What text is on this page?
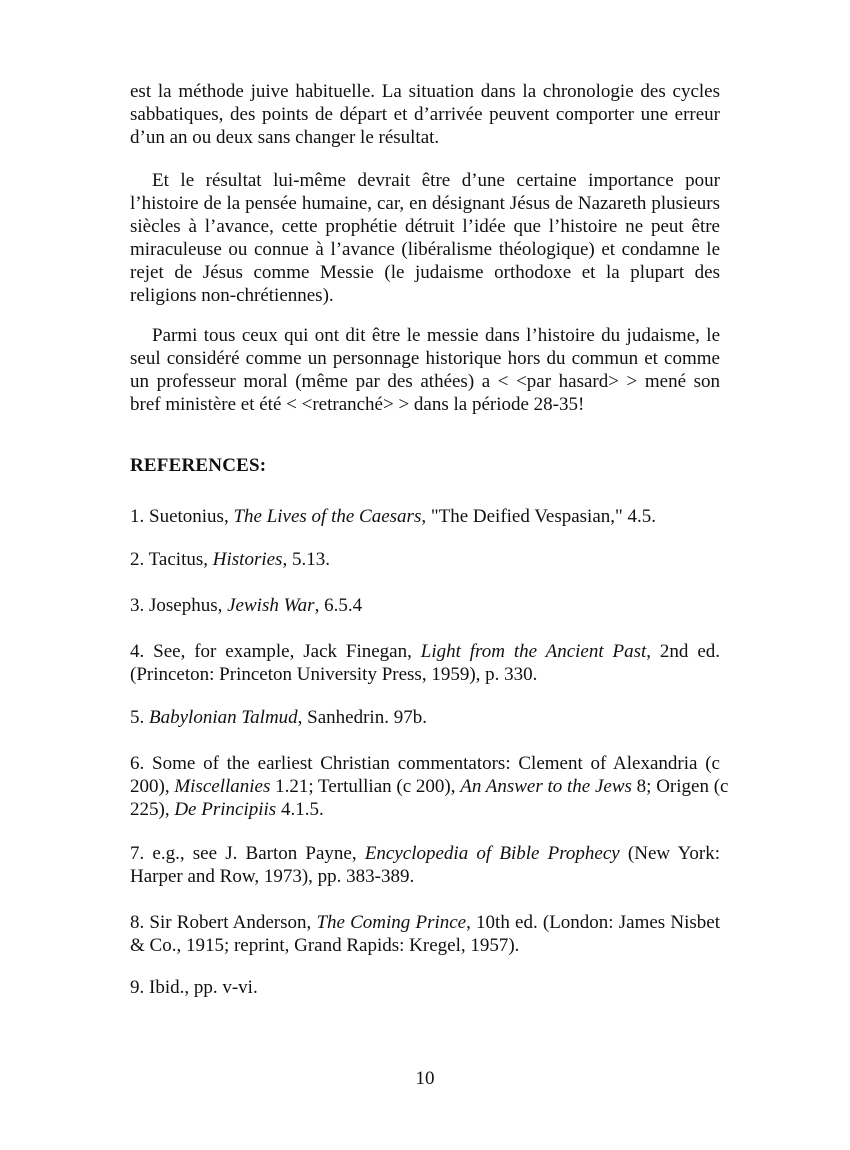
est la méthode juive habituelle. La situation dans la chronologie des cycles
sabbatiques, des points de départ et d’arrivée peuvent comporter une erreur
d’un an ou deux sans changer le résultat.

Et le résultat lui-même devrait être d’une certaine importance pour
l’histoire de la pensée humaine, car, en désignant Jésus de Nazareth plusieurs
siècles à l’avance, cette prophétie détruit l’idée que l’histoire ne peut être
miraculeuse ou connue à l’avance (libéralisme théologique) et condamne le
rejet de Jésus comme Messie (le judaisme orthodoxe et la plupart des
religions non-chrétiennes).

Parmi tous ceux qui ont dit être le messie dans l’histoire du judaisme, le
seul considéré comme un personnage historique hors du commun et comme
un professeur moral (même par des athées) a < <par hasard> > mené son
bref ministère et été < <retranché> > dans la période 28-35!

REFERENCES:

1. Suetonius, The Lives of the Caesars, "The Deified Vespasian," 4.5.

2. Tacitus, Histories, 5.13.

3. Josephus, Jewish War, 6.5.4

4. See, for example, Jack Finegan, Light from the Ancient Past, 2nd ed.
(Princeton: Princeton University Press, 1959), p. 330.

5. Babylonian Talmud, Sanhedrin. 97b.

6. Some of the earliest Christian commentators: Clement of Alexandria (c
200), Miscellanies 1.21; Tertullian (c 200), An Answer to the Jews 8; Origen (c
225), De Principiis 4.1.5.

7. e.g., see J. Barton Payne, Encyclopedia of Bible Prophecy (New York:
Harper and Row, 1973), pp. 383-389.

8. Sir Robert Anderson, The Coming Prince, 10th ed. (London: James Nisbet
& Co., 1915; reprint, Grand Rapids: Kregel, 1957).

9. Ibid., pp. v-vi.

10
